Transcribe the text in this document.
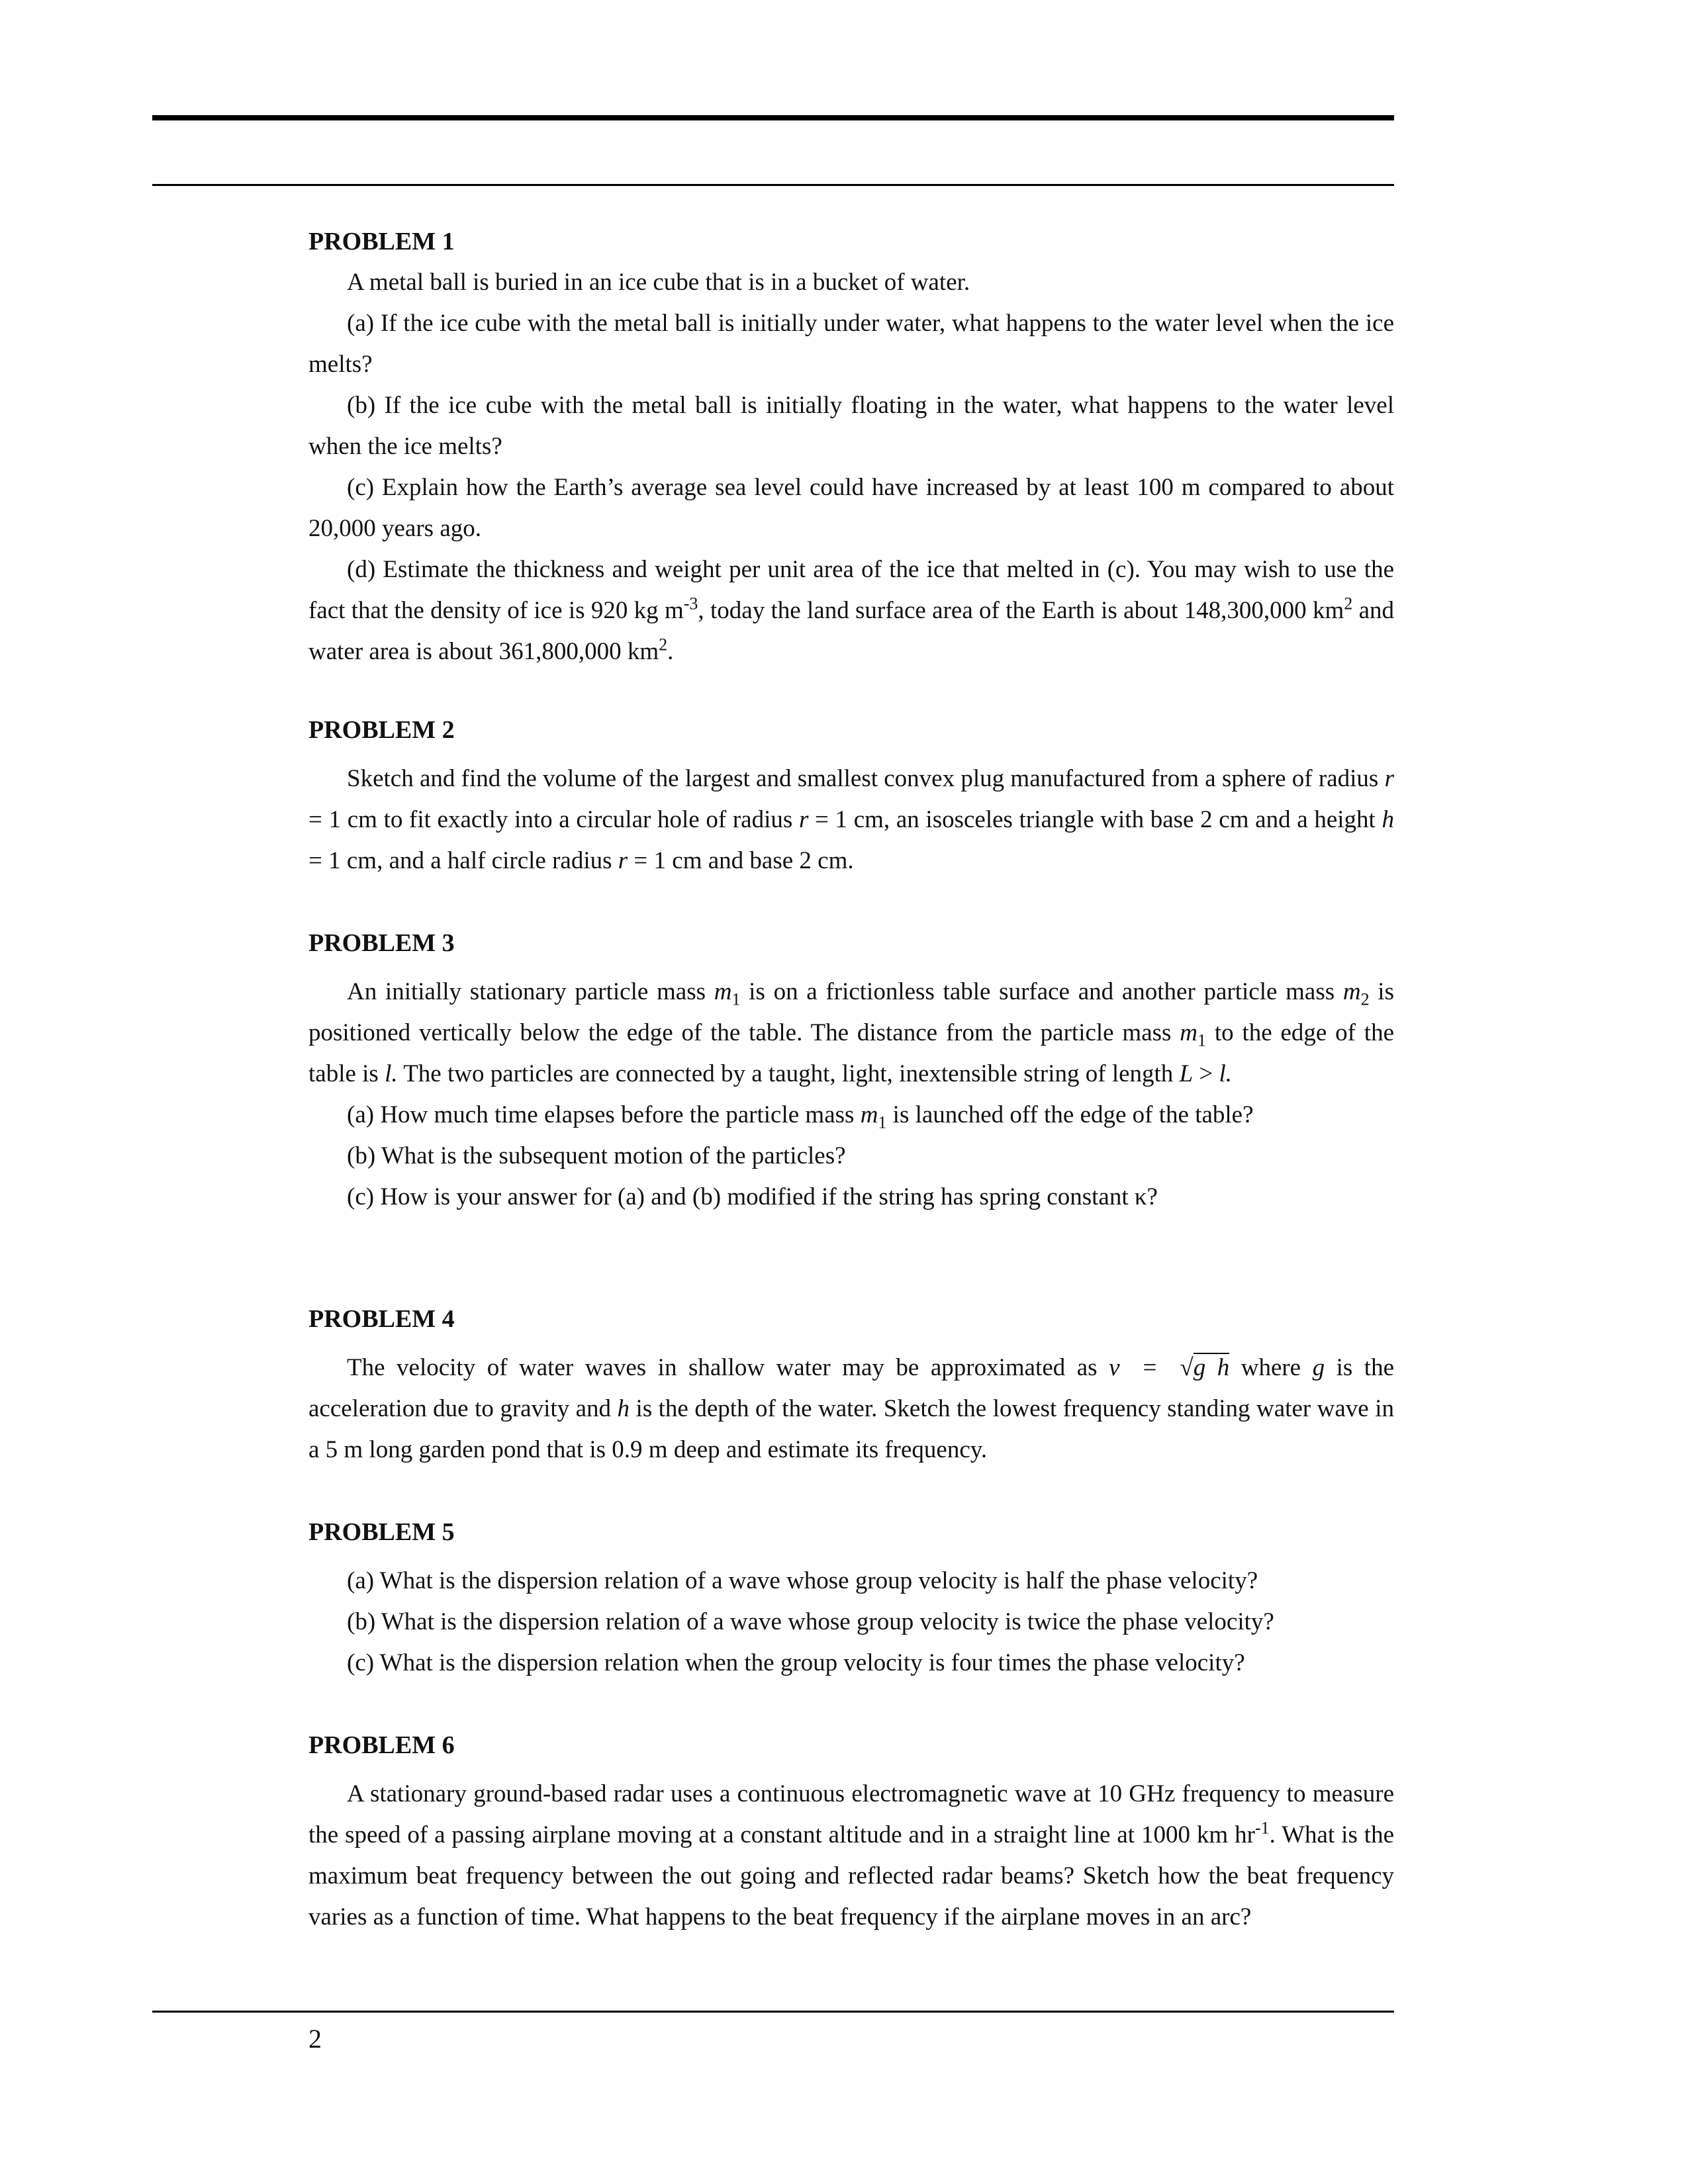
PROBLEM 1

A metal ball is buried in an ice cube that is in a bucket of water.

(a) If the ice cube with the metal ball is initially under water, what happens to the water level when the ice melts?

(b) If the ice cube with the metal ball is initially floating in the water, what happens to the water level when the ice melts?

(c) Explain how the Earth’s average sea level could have increased by at least 100 m compared to about 20,000 years ago.

(d) Estimate the thickness and weight per unit area of the ice that melted in (c). You may wish to use the fact that the density of ice is 920 kg $m^{-3}$, today the land surface area of the Earth is about 148,300,000 $km^2$ and water area is about 361,800,000 $km^2$.

PROBLEM 2

Sketch and find the volume of the largest and smallest convex plug manufactured from a sphere of radius r = 1 cm to fit exactly into a circular hole of radius r = 1 cm, an isosceles triangle with base 2 cm and a height h = 1 cm, and a half circle radius r = 1 cm and base 2 cm.

PROBLEM 3

An initially stationary particle mass $m_1$ is on a frictionless table surface and another particle mass $m_2$ is positioned vertically below the edge of the table. The distance from the particle mass $m_1$ to the edge of the table is l. The two particles are connected by a taught, light, inextensible string of length L > l.

(a) How much time elapses before the particle mass $m_1$ is launched off the edge of the table?

(b) What is the subsequent motion of the particles?

(c) How is your answer for (a) and (b) modified if the string has spring constant κ?

PROBLEM 4

The velocity of water waves in shallow water may be approximated as v  =  √g h where g is the acceleration due to gravity and h is the depth of the water. Sketch the lowest frequency standing water wave in a 5 m long garden pond that is 0.9 m deep and estimate its frequency.

PROBLEM 5

(a) What is the dispersion relation of a wave whose group velocity is half the phase velocity?

(b) What is the dispersion relation of a wave whose group velocity is twice the phase velocity?

(c) What is the dispersion relation when the group velocity is four times the phase velocity?

PROBLEM 6

A stationary ground-based radar uses a continuous electromagnetic wave at 10 GHz frequency to measure the speed of a passing airplane moving at a constant altitude and in a straight line at 1000 km $hr^{-1}$. What is the maximum beat frequency between the out going and reflected radar beams? Sketch how the beat frequency varies as a function of time. What happens to the beat frequency if the airplane moves in an arc?

2
